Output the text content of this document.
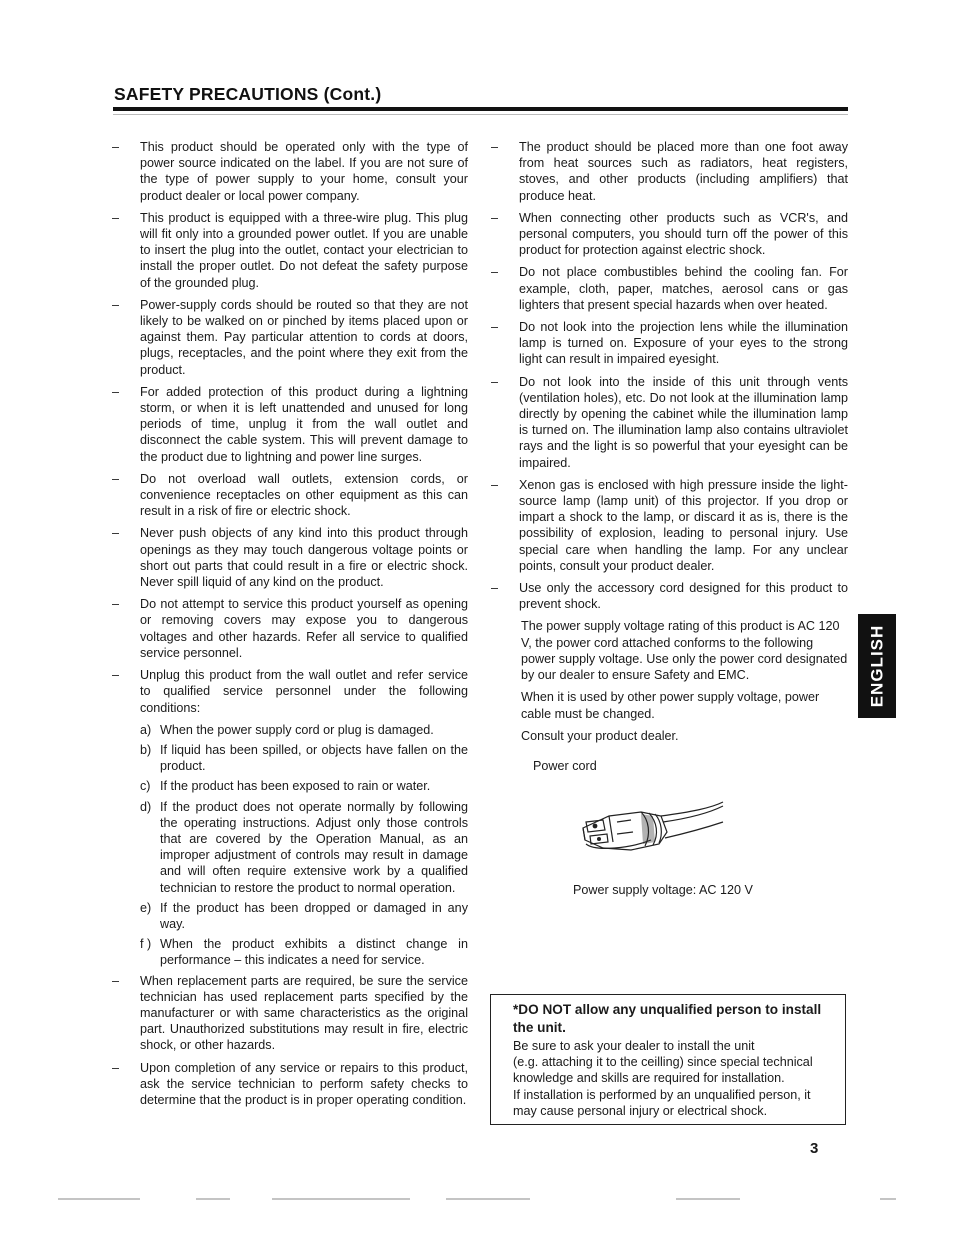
SAFETY PRECAUTIONS (Cont.)
– This product should be operated only with the type of power source indicated on the label. If you are not sure of the type of power supply to your home, consult your product dealer or local power company.
– This product is equipped with a three-wire plug. This plug will fit only into a grounded power outlet. If you are unable to insert the plug into the outlet, contact your electrician to install the proper outlet. Do not defeat the safety purpose of the grounded plug.
– Power-supply cords should be routed so that they are not likely to be walked on or pinched by items placed upon or against them. Pay particular attention to cords at doors, plugs, receptacles, and the point where they exit from the product.
– For added protection of this product during a lightning storm, or when it is left unattended and unused for long periods of time, unplug it from the wall outlet and disconnect the cable system. This will prevent damage to the product due to lightning and power line surges.
– Do not overload wall outlets, extension cords, or convenience receptacles on other equipment as this can result in a risk of fire or electric shock.
– Never push objects of any kind into this product through openings as they may touch dangerous voltage points or short out parts that could result in a fire or electric shock. Never spill liquid of any kind on the product.
– Do not attempt to service this product yourself as opening or removing covers may expose you to dangerous voltages and other hazards. Refer all service to qualified service personnel.
– Unplug this product from the wall outlet and refer service to qualified service personnel under the following conditions:
a) When the power supply cord or plug is damaged.
b) If liquid has been spilled, or objects have fallen on the product.
c) If the product has been exposed to rain or water.
d) If the product does not operate normally by following the operating instructions. Adjust only those controls that are covered by the Operation Manual, as an improper adjustment of controls may result in damage and will often require extensive work by a qualified technician to restore the product to normal operation.
e) If the product has been dropped or damaged in any way.
f ) When the product exhibits a distinct change in performance – this indicates a need for service.
– When replacement parts are required, be sure the service technician has used replacement parts specified by the manufacturer or with same characteristics as the original part. Unauthorized substitutions may result in fire, electric shock, or other hazards.
– Upon completion of any service or repairs to this product, ask the service technician to perform safety checks to determine that the product is in proper operating condition.
– The product should be placed more than one foot away from heat sources such as radiators, heat registers, stoves, and other products (including amplifiers) that produce heat.
– When connecting other products such as VCR's, and personal computers, you should turn off the power of this product for protection against electric shock.
– Do not place combustibles behind the cooling fan. For example, cloth, paper, matches, aerosol cans or gas lighters that present special hazards when over heated.
– Do not look into the projection lens while the illumination lamp is turned on. Exposure of your eyes to the strong light can result in impaired eyesight.
– Do not look into the inside of this unit through vents (ventilation holes), etc. Do not look at the illumination lamp directly by opening the cabinet while the illumination lamp is turned on. The illumination lamp also contains ultraviolet rays and the light is so powerful that your eyesight can be impaired.
– Xenon gas is enclosed with high pressure inside the light-source lamp (lamp unit) of this projector. If you drop or impart a shock to the lamp, or discard it as is, there is the possibility of explosion, leading to personal injury. Use special care when handling the lamp. For any unclear points, consult your product dealer.
– Use only the accessory cord designed for this product to prevent shock.
The power supply voltage rating of this product is AC 120 V, the power cord attached conforms to the following power supply voltage. Use only the power cord designated by our dealer to ensure Safety and EMC.
When it is used by other power supply voltage, power cable must be changed.
Consult your product dealer.
Power cord
Power supply voltage: AC 120 V
*DO NOT allow any unqualified person to install the unit.
Be sure to ask your dealer to install the unit
(e.g. attaching it to the ceilling) since special technical knowledge and skills are required for installation.
If installation is performed by an unqualified person, it may cause personal injury or electrical shock.
ENGLISH
3
